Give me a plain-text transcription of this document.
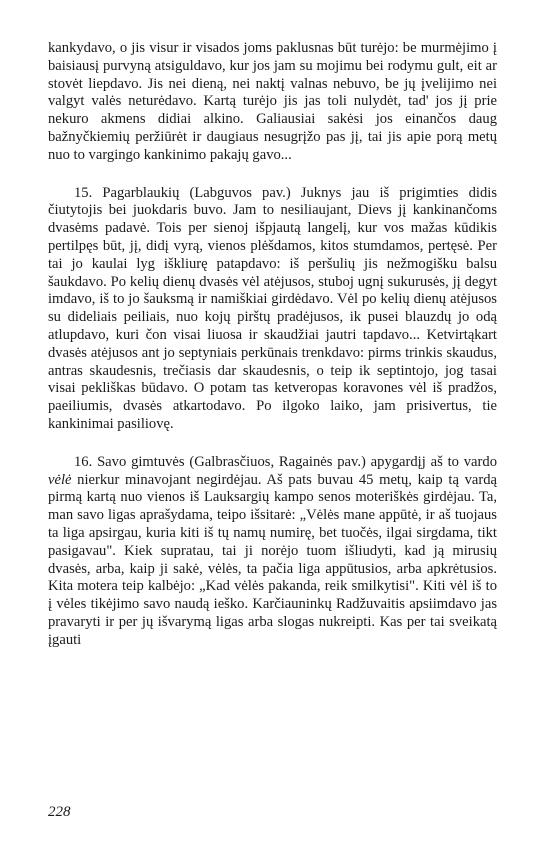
kankydavo, o jis visur ir visados joms paklusnas būt turėjo: be murmėjimo į baisiausį purvyną atsiguldavo, kur jos jam su mojimu bei rodymu gult, eit ar stovėt liepdavo. Jis nei dieną, nei naktį valnas nebuvo, be jų įvelijimo nei valgyt valės neturėdavo. Kartą turėjo jis jas toli nulydėt, tad' jos jį prie nekuro akmens didiai alkino. Galiausiai sakėsi jos einančos daug bažnyčkiemių peržiūrėt ir daugiaus nesugrįžo pas jį, tai jis apie porą metų nuo to vargingo kankinimo pakajų gavo...

15. Pagarblaukių (Labguvos pav.) Juknys jau iš prigimties didis čiutytojis bei juokdaris buvo. Jam to nesiliaujant, Dievs jį kankinančoms dvasėms padavė. Tois per sienoj išpjautą langelį, kur vos mažas kūdikis pertilpęs būt, jį, didį vyrą, vienos plėšdamos, kitos stumdamos, pertęsė. Per tai jo kaulai lyg iškliurę patapdavo: iš peršulių jis nežmogišku balsu šaukdavo. Po kelių dienų dvasės vėl atėjusos, stuboj ugnį sukurusės, jį degyt imdavo, iš to jo šauksmą ir namiškiai girdėdavo. Vėl po kelių dienų atėjusos su dideliais peiliais, nuo kojų pirštų pradėjusos, ik pusei blauzdų jo odą atlupdavo, kuri čon visai liuosa ir skaudžiai jautri tapdavo... Ketvirtąkart dvasės atėjusos ant jo septyniais perkūnais trenkdavo: pirms trinkis skaudus, antras skaudesnis, trečiasis dar skaudesnis, o teip ik septintojo, jog tasai visai pekliškas būdavo. O potam tas ketveropas koravones vėl iš pradžos, paeiliumis, dvasės atkartodavo. Po ilgoko laiko, jam prisivertus, tie kankinimai pasiliovę.

16. Savo gimtuvės (Galbrasčiuos, Ragainės pav.) apygardįj aš to vardo vėlė nierkur minavojant negirdėjau. Aš pats buvau 45 metų, kaip tą vardą pirmą kartą nuo vienos iš Lauksargių kampo senos moteriškės girdėjau. Ta, man savo ligas aprašydama, teipo išsitarė: „Vėlės mane appūtė, ir aš tuojaus ta liga apsirgau, kuria kiti iš tų namų numirę, bet tuočės, ilgai sirgdama, tikt pasigavau". Kiek supratau, tai ji norėjo tuom išliudyti, kad ją mirusių dvasės, arba, kaip ji sakė, vėlės, ta pačia liga appūtusios, arba apkrėtusios. Kita motera teip kalbėjo: „Kad vėlės pakanda, reik smilkytisi". Kiti vėl iš to į vėles tikėjimo savo naudą ieško. Karčiauninkų Radžuvaitis apsiimdavo jas pravaryti ir per jų išvarymą ligas arba slogas nukreipti. Kas per tai sveikatą įgauti

228
